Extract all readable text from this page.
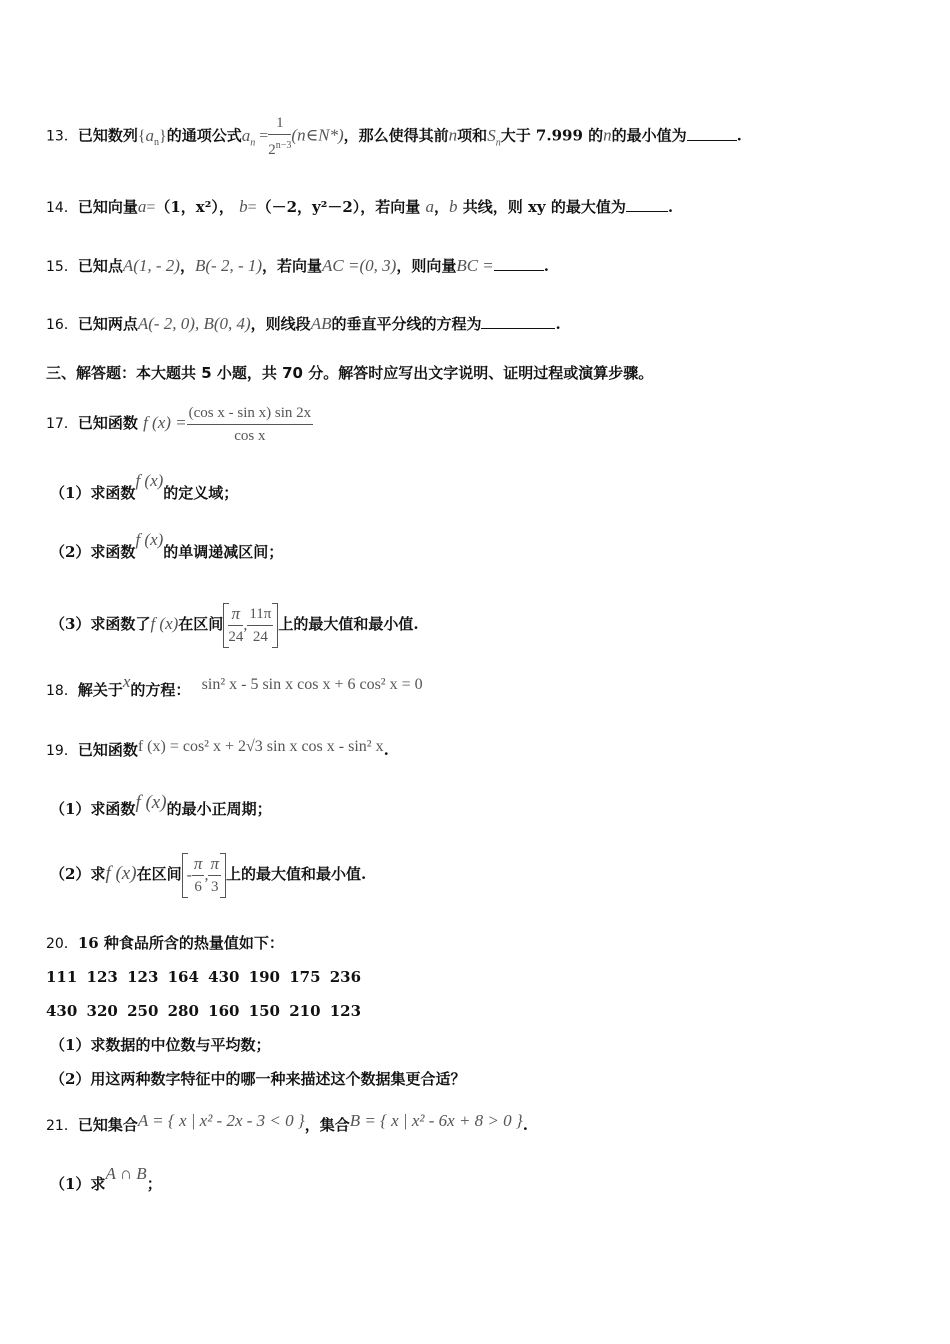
13．已知数列$\{a_n\}$的通项公式$a_n = \frac{1}{2^{n-3}}$ (n∈N*)，那么使得其前n项和$S_n$大于 7.999 的n的最小值为	.
14．已知向量a=（1，x²）， b=（－2，y²－2），若向量 a，b 共线，则 xy 的最大值为	.
15．已知点A(1, - 2)，B(- 2, - 1)，若向量AC =(0, 3)，则向量BC =	.
16．已知两点A(- 2, 0), B(0, 4)，则线段AB的垂直平分线的方程为	.
三、解答题：本大题共 5 小题，共 70 分。解答时应写出文字说明、证明过程或演算步骤。
17．已知函数 f $(x) = \frac{\text{(cos x - sin x) sin 2x}}{\text{cos x}}$
（1）求函数f (x)的定义域；
（2）求函数f (x)的单调递减区间；
（3）求函数了f (x)在区间 $\frac{\pi}{24}$ , $\frac{11\pi}{24}$ 上的最大值和最小值.
18．解关于x的方程： sin² x - 5 sin x cos x + 6 cos² x = 0
19．已知函数f (x) = cos² x + 2√3 sin x cos x - sin² x.
（1）求函数f (x)的最小正周期；
（2）求f (x)在区间 - $\frac{\pi}{6}$ , $\frac{\pi}{3}$ 上的最大值和最小值.
20．16 种食品所含的热量值如下：
111 123 123 164 430 190 175 236
430 320 250 280 160 150 210 123
（1）求数据的中位数与平均数；
（2）用这两种数字特征中的哪一种来描述这个数据集更合适？
21．已知集合A = { x | x² - 2x - 3 < 0 }，集合B = { x | x² - 6x + 8 > 0 }.
（1）求A ∩ B；
